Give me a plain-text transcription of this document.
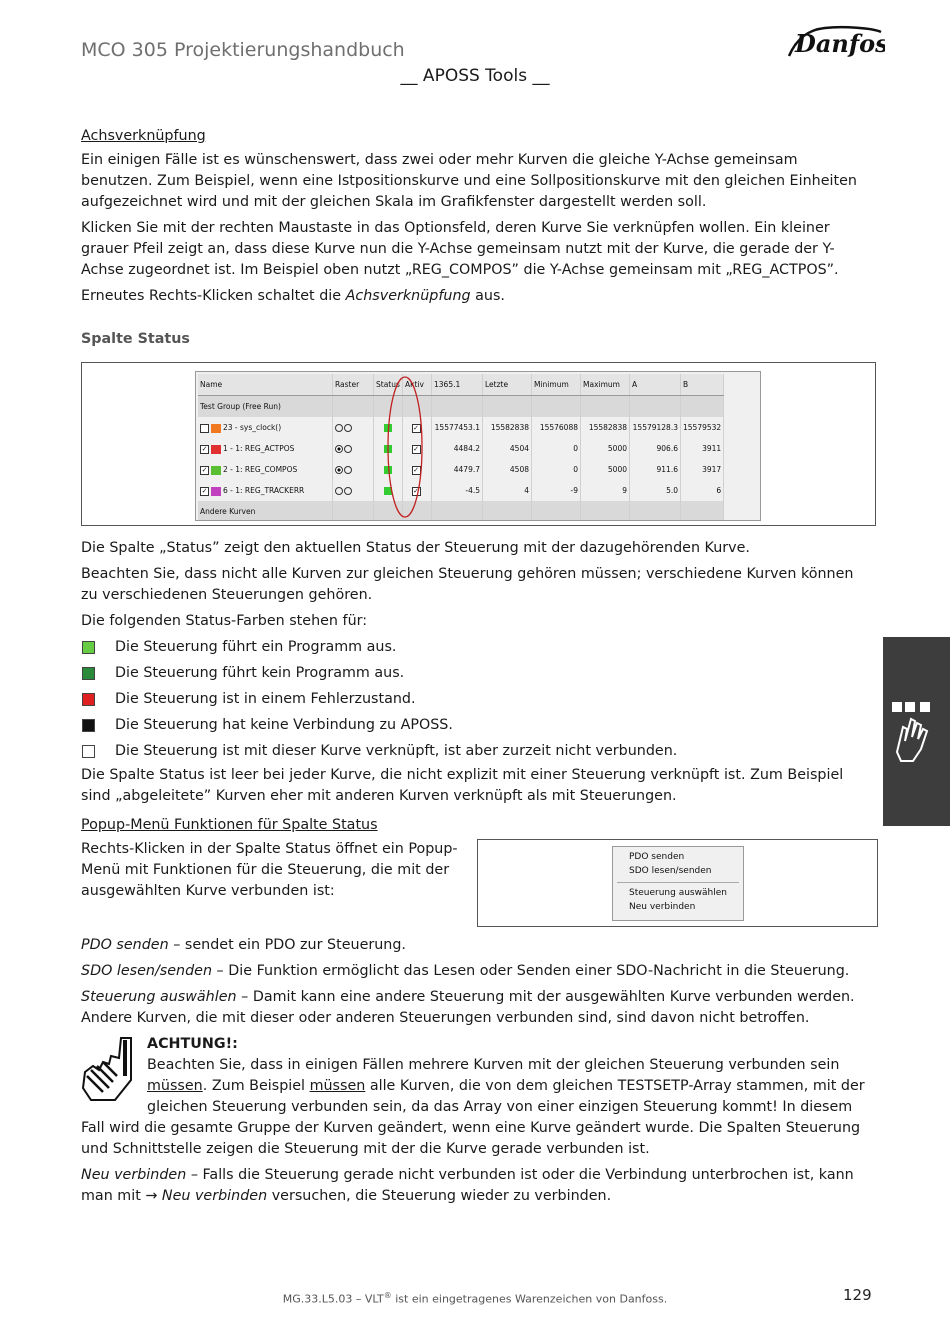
MCO 305 Projektierungshandbuch	Danfo
__ APOSS Tools __

Achsverknüpfung

Ein einigen Fälle ist es wünschenswert, dass zwei oder mehr Kurven die gleiche Y-Achse gemeinsam benutzen. Zum Beispiel, wenn eine Istpositionskurve und eine Sollpositionskurve mit den gleichen Einheiten aufgezeichnet wird und mit der gleichen Skala im Grafikfenster dargestellt werden soll.

Klicken Sie mit der rechten Maustaste in das Optionsfeld, deren Kurve Sie verknüpfen wollen. Ein kleiner grauer Pfeil zeigt an, dass diese Kurve nun die Y-Achse gemeinsam nutzt mit der Kurve, die gerade der Y-Achse zugeordnet ist. Im Beispiel oben nutzt „REG_COMPOS” die Y-Achse gemeinsam mit „REG_ACTPOS”.

Erneutes Rechts-Klicken schaltet die Achsverknüpfung aus.

Spalte Status
Name	Raster	Status	Aktiv	1365.1	Letzte	Minimum	Maximum	A	B
Test Group (Free Run)									
23 - sys_clock()			✓	15577453.1	15582838	15576088	15582838	15579128.3	15579532
✓ 1 - 1: REG_ACTPOS			✓	4484.2	4504	0	5000	906.6	3911
✓ 2 - 1: REG_COMPOS			✓	4479.7	4508	0	5000	911.6	3917
✓ 6 - 1: REG_TRACKERR			✓	-4.5	4	-9	9	5.0	6
Andere Kurven									

Die Spalte „Status” zeigt den aktuellen Status der Steuerung mit der dazugehörenden Kurve.

Beachten Sie, dass nicht alle Kurven zur gleichen Steuerung gehören müssen; verschiedene Kurven können zu verschiedenen Steuerungen gehören.

Die folgenden Status-Farben stehen für:

Die Steuerung führt ein Programm aus.
Die Steuerung führt kein Programm aus.
Die Steuerung ist in einem Fehlerzustand.
Die Steuerung hat keine Verbindung zu APOSS.
Die Steuerung ist mit dieser Kurve verknüpft, ist aber zurzeit nicht verbunden.

Die Spalte Status ist leer bei jeder Kurve, die nicht explizit mit einer Steuerung verknüpft ist. Zum Beispiel sind „abgeleitete” Kurven eher mit anderen Kurven verknüpft als mit Steuerungen.

Popup-Menü Funktionen für Spalte Status

Rechts-Klicken in der Spalte Status öffnet ein Popup-Menü mit Funktionen für die Steuerung, die mit der ausgewählten Kurve verbunden ist:
PDO senden
SDO lesen/senden
Steuerung auswählen
Neu verbinden

PDO senden – sendet ein PDO zur Steuerung.

SDO lesen/senden – Die Funktion ermöglicht das Lesen oder Senden einer SDO-Nachricht in die Steuerung.

Steuerung auswählen – Damit kann eine andere Steuerung mit der ausgewählten Kurve verbunden werden. Andere Kurven, die mit dieser oder anderen Steuerungen verbunden sind, sind davon nicht betroffen.

ACHTUNG!:

Beachten Sie, dass in einigen Fällen mehrere Kurven mit der gleichen Steuerung verbunden sein müssen. Zum Beispiel müssen alle Kurven, die von dem gleichen TESTSETP-Array stammen, mit der gleichen Steuerung verbunden sein, da das Array von einer einzigen Steuerung kommt! In diesem Fall wird die gesamte Gruppe der Kurven geändert, wenn eine Kurve geändert wurde. Die Spalten Steuerung und Schnittstelle zeigen die Steuerung mit der die Kurve gerade verbunden ist.

Neu verbinden – Falls die Steuerung gerade nicht verbunden ist oder die Verbindung unterbrochen ist, kann man mit → Neu verbinden versuchen, die Steuerung wieder zu verbinden.

MG.33.L5.03 – VLT® ist ein eingetragenes Warenzeichen von Danfoss.	129
